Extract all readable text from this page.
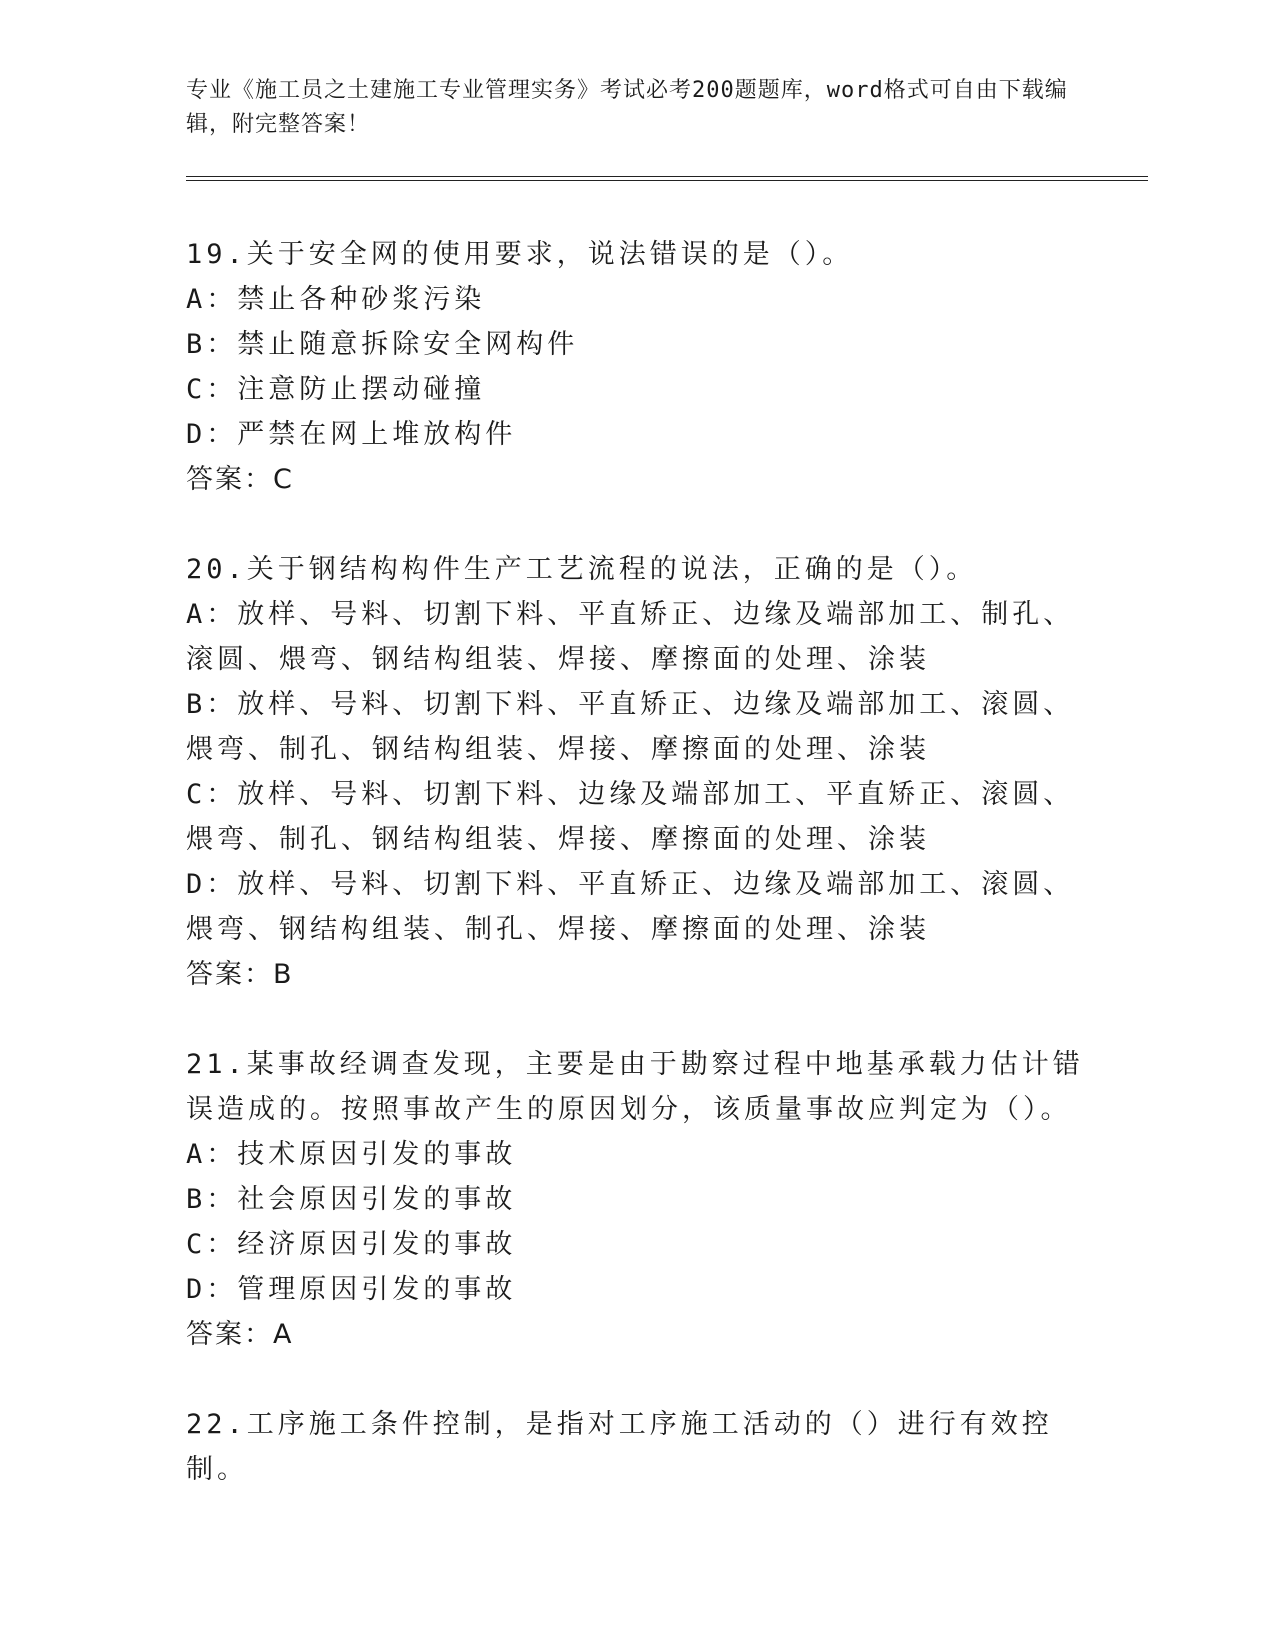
专业《施工员之土建施工专业管理实务》考试必考200题题库，word格式可自由下载编辑，附完整答案！
19.关于安全网的使用要求，说法错误的是（）。
A：禁止各种砂浆污染
B：禁止随意拆除安全网构件
C：注意防止摆动碰撞
D：严禁在网上堆放构件
答案：C
20.关于钢结构构件生产工艺流程的说法，正确的是（）。
A：放样、号料、切割下料、平直矫正、边缘及端部加工、制孔、滚圆、煨弯、钢结构组装、焊接、摩擦面的处理、涂装
B：放样、号料、切割下料、平直矫正、边缘及端部加工、滚圆、煨弯、制孔、钢结构组装、焊接、摩擦面的处理、涂装
C：放样、号料、切割下料、边缘及端部加工、平直矫正、滚圆、煨弯、制孔、钢结构组装、焊接、摩擦面的处理、涂装
D：放样、号料、切割下料、平直矫正、边缘及端部加工、滚圆、煨弯、钢结构组装、制孔、焊接、摩擦面的处理、涂装
答案：B
21.某事故经调查发现，主要是由于勘察过程中地基承载力估计错误造成的。按照事故产生的原因划分，该质量事故应判定为（）。
A：技术原因引发的事故
B：社会原因引发的事故
C：经济原因引发的事故
D：管理原因引发的事故
答案：A
22.工序施工条件控制，是指对工序施工活动的（）进行有效控制。
